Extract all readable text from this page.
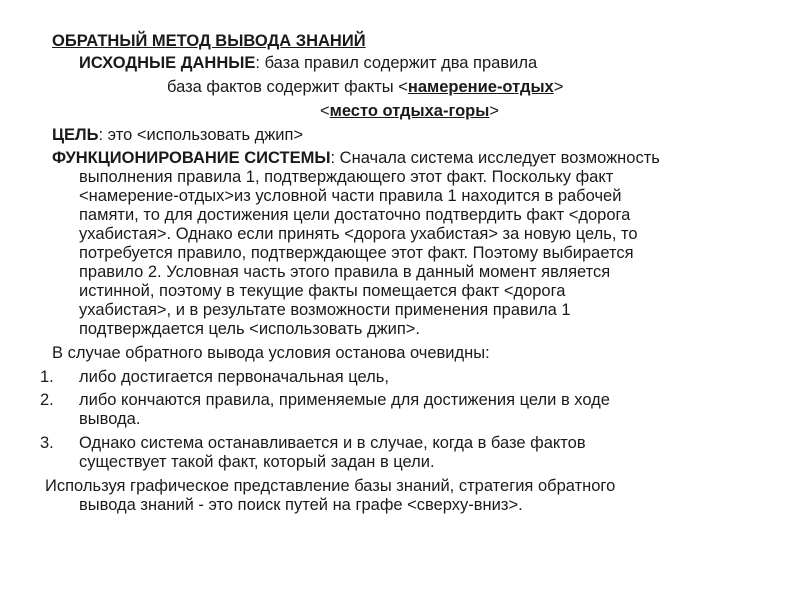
ОБРАТНЫЙ МЕТОД ВЫВОДА ЗНАНИЙ
ИСХОДНЫЕ ДАННЫЕ: база правил содержит два правила
база фактов содержит факты <намерение-отдых>
<место отдыха-горы>
ЦЕЛЬ: это <использовать джип>
ФУНКЦИОНИРОВАНИЕ СИСТЕМЫ: Сначала система исследует возможность
выполнения правила 1, подтверждающего этот факт. Поскольку факт
<намерение-отдых>из условной части правила 1 находится в рабочей
памяти, то для достижения цели достаточно подтвердить факт <дорога
ухабистая>. Однако если принять <дорога ухабистая> за новую цель, то
потребуется правило, подтверждающее этот факт. Поэтому выбирается
правило 2. Условная часть этого правила в данный момент является
истинной, поэтому в текущие факты помещается факт <дорога
ухабистая>, и в результате возможности применения правила 1
подтверждается цель <использовать джип>.
В случае обратного вывода условия останова очевидны:
1. либо достигается первоначальная цель,
2. либо кончаются правила, применяемые для достижения цели в ходе
вывода.
3. Однако система останавливается и в случае, когда в базе фактов
существует такой факт, который задан в цели.
Используя графическое представление базы знаний, стратегия обратного
вывода знаний - это поиск путей на графе <сверху-вниз>.
